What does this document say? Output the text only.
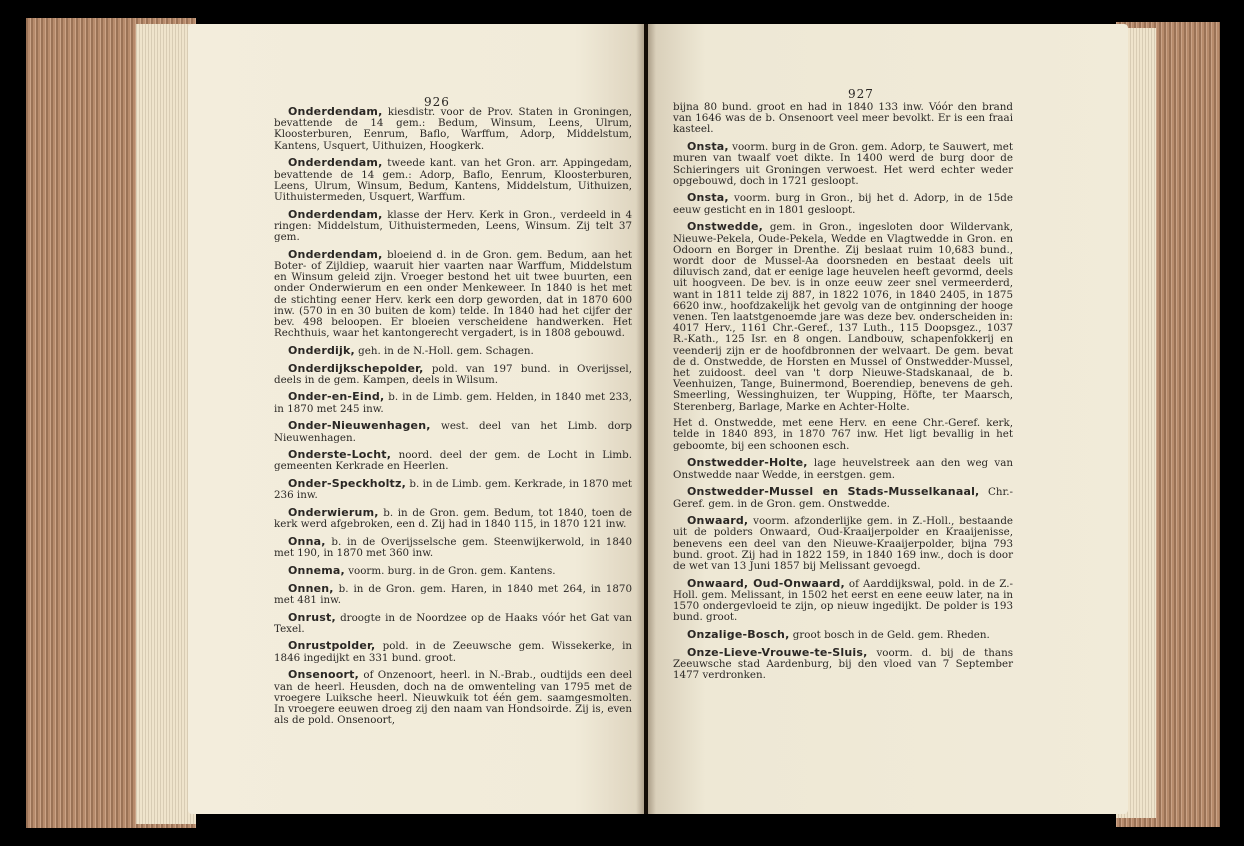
926

Onderdendam, kiesdistr. voor de Prov. Staten in Groningen, bevattende de 14 gem.: Bedum, Winsum, Leens, Ulrum, Kloosterburen, Eenrum, Baflo, Warffum, Adorp, Middelstum, Kantens, Usquert, Uithuizen, Hoogkerk.

Onderdendam, tweede kant. van het Gron. arr. Appingedam, bevattende de 14 gem.: Adorp, Baflo, Eenrum, Kloosterburen, Leens, Ulrum, Winsum, Bedum, Kantens, Middelstum, Uithuizen, Uithuistermeden, Usquert, Warffum.

Onderdendam, klasse der Herv. Kerk in Gron., verdeeld in 4 ringen: Middelstum, Uithuistermeden, Leens, Winsum. Zij telt 37 gem.

Onderdendam, bloeiend d. in de Gron. gem. Bedum, aan het Boter- of Zijldiep, waaruit hier vaarten naar Warffum, Middelstum en Winsum geleid zijn. Vroeger bestond het uit twee buurten, een onder Onderwierum en een onder Menkeweer. In 1840 is het met de stichting eener Herv. kerk een dorp geworden, dat in 1870 600 inw. (570 in en 30 buiten de kom) telde. In 1840 had het cijfer der bev. 498 beloopen. Er bloeien verscheidene handwerken. Het Rechthuis, waar het kantongerecht vergadert, is in 1808 gebouwd.

Onderdijk, geh. in de N.-Holl. gem. Schagen.

Onderdijkschepolder, pold. van 197 bund. in Overijssel, deels in de gem. Kampen, deels in Wilsum.

Onder-en-Eind, b. in de Limb. gem. Helden, in 1840 met 233, in 1870 met 245 inw.

Onder-Nieuwenhagen, west. deel van het Limb. dorp Nieuwenhagen.

Onderste-Locht, noord. deel der gem. de Locht in Limb. gemeenten Kerkrade en Heerlen.

Onder-Speckholtz, b. in de Limb. gem. Kerkrade, in 1870 met 236 inw.

Onderwierum, b. in de Gron. gem. Bedum, tot 1840, toen de kerk werd afgebroken, een d. Zij had in 1840 115, in 1870 121 inw.

Onna, b. in de Overijsselsche gem. Steenwijkerwold, in 1840 met 190, in 1870 met 360 inw.

Onnema, voorm. burg. in de Gron. gem. Kantens.

Onnen, b. in de Gron. gem. Haren, in 1840 met 264, in 1870 met 481 inw.

Onrust, droogte in de Noordzee op de Haaks vóór het Gat van Texel.

Onrustpolder, pold. in de Zeeuwsche gem. Wissekerke, in 1846 ingedijkt en 331 bund. groot.

Onsenoort, of Onzenoort, heerl. in N.-Brab., oudtijds een deel van de heerl. Heusden, doch na de omwenteling van 1795 met de vroegere Luiksche heerl. Nieuwkuik tot één gem. saamgesmolten. In vroegere eeuwen droeg zij den naam van Hondsoirde. Zij is, even als de pold. Onsenoort,

927

bijna 80 bund. groot en had in 1840 133 inw. Vóór den brand van 1646 was de b. Onsenoort veel meer bevolkt. Er is een fraai kasteel.

Onsta, voorm. burg in de Gron. gem. Adorp, te Sauwert, met muren van twaalf voet dikte. In 1400 werd de burg door de Schieringers uit Groningen verwoest. Het werd echter weder opgebouwd, doch in 1721 gesloopt.

Onsta, voorm. burg in Gron., bij het d. Adorp, in de 15de eeuw gesticht en in 1801 gesloopt.

Onstwedde, gem. in Gron., ingesloten door Wildervank, Nieuwe-Pekela, Oude-Pekela, Wedde en Vlagtwedde in Gron. en Odoorn en Borger in Drenthe. Zij beslaat ruim 10,683 bund., wordt door de Mussel-Aa doorsneden en bestaat deels uit diluvisch zand, dat er eenige lage heuvelen heeft gevormd, deels uit hoogveen. De bev. is in onze eeuw zeer snel vermeerderd, want in 1811 telde zij 887, in 1822 1076, in 1840 2405, in 1875 6620 inw., hoofdzakelijk het gevolg van de ontginning der hooge venen. Ten laatstgenoemde jare was deze bev. onderscheiden in: 4017 Herv., 1161 Chr.-Geref., 137 Luth., 115 Doopsgez., 1037 R.-Kath., 125 Isr. en 8 ongen. Landbouw, schapenfokkerij en veenderij zijn er de hoofdbronnen der welvaart. De gem. bevat de d. Onstwedde, de Horsten en Mussel of Onstwedder-Mussel, het zuidoost. deel van 't dorp Nieuwe-Stadskanaal, de b. Veenhuizen, Tange, Buinermond, Boerendiep, benevens de geh. Smeerling, Wessinghuizen, ter Wupping, Höfte, ter Maarsch, Sterenberg, Barlage, Marke en Achter-Holte.

Het d. Onstwedde, met eene Herv. en eene Chr.-Geref. kerk, telde in 1840 893, in 1870 767 inw. Het ligt bevallig in het geboomte, bij een schoonen esch.

Onstwedder-Holte, lage heuvelstreek aan den weg van Onstwedde naar Wedde, in eerstgen. gem.

Onstwedder-Mussel en Stads-Musselkanaal, Chr.-Geref. gem. in de Gron. gem. Onstwedde.

Onwaard, voorm. afzonderlijke gem. in Z.-Holl., bestaande uit de polders Onwaard, Oud-Kraaijerpolder en Kraaijenisse, benevens een deel van den Nieuwe-Kraaijerpolder, bijna 793 bund. groot. Zij had in 1822 159, in 1840 169 inw., doch is door de wet van 13 Juni 1857 bij Melissant gevoegd.

Onwaard, Oud-Onwaard, of Aarddijkswal, pold. in de Z.-Holl. gem. Melissant, in 1502 het eerst en eene eeuw later, na in 1570 ondergevloeid te zijn, op nieuw ingedijkt. De polder is 193 bund. groot.

Onzalige-Bosch, groot bosch in de Geld. gem. Rheden.

Onze-Lieve-Vrouwe-te-Sluis, voorm. d. bij de thans Zeeuwsche stad Aardenburg, bij den vloed van 7 September 1477 verdronken.
